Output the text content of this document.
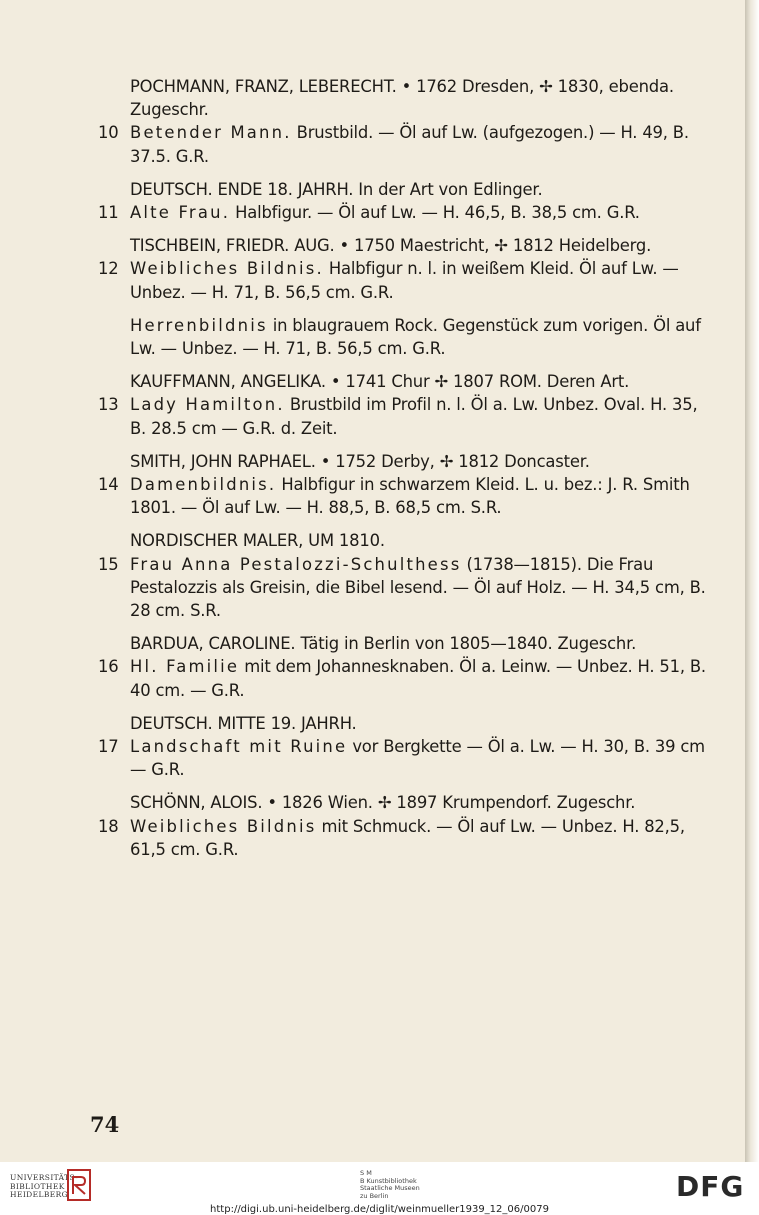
POCHMANN, FRANZ, LEBERECHT. • 1762 Dresden, ✢ 1830, ebenda. Zugeschr.
10 Betender Mann. Brustbild. — Öl auf Lw. (aufgezogen.) — H. 49, B. 37.5. G.R.
DEUTSCH. ENDE 18. JAHRH. In der Art von Edlinger.
11 Alte Frau. Halbfigur. — Öl auf Lw. — H. 46,5, B. 38,5 cm. G.R.
TISCHBEIN, FRIEDR. AUG. • 1750 Maestricht, ✢ 1812 Heidelberg.
12 Weibliches Bildnis. Halbfigur n. l. in weißem Kleid. Öl auf Lw. — Unbez. — H. 71, B. 56,5 cm. G.R.
Herrenbildnis in blaugrauem Rock. Gegenstück zum vorigen. Öl auf Lw. — Unbez. — H. 71, B. 56,5 cm. G.R.
KAUFFMANN, ANGELIKA. • 1741 Chur ✢ 1807 ROM. Deren Art.
13 Lady Hamilton. Brustbild im Profil n. l. Öl a. Lw. Unbez. Oval. H. 35, B. 28.5 cm — G.R. d. Zeit.
SMITH, JOHN RAPHAEL. • 1752 Derby, ✢ 1812 Doncaster.
14 Damenbildnis. Halbfigur in schwarzem Kleid. L. u. bez.: J. R. Smith 1801. — Öl auf Lw. — H. 88,5, B. 68,5 cm. S.R.
NORDISCHER MALER, UM 1810.
15 Frau Anna Pestalozzi-Schulthess (1738—1815). Die Frau Pestalozzis als Greisin, die Bibel lesend. — Öl auf Holz. — H. 34,5 cm, B. 28 cm. S.R.
BARDUA, CAROLINE. Tätig in Berlin von 1805—1840. Zugeschr.
16 Hl. Familie mit dem Johannesknaben. Öl a. Leinw. — Unbez. H. 51, B. 40 cm. — G.R.
DEUTSCH. MITTE 19. JAHRH.
17 Landschaft mit Ruine vor Bergkette — Öl a. Lw. — H. 30, B. 39 cm — G.R.
SCHÖNN, ALOIS. • 1826 Wien. ✢ 1897 Krumpendorf. Zugeschr.
18 Weibliches Bildnis mit Schmuck. — Öl auf Lw. — Unbez. H. 82,5, 61,5 cm. G.R.
74
UNIVERSITÄTS-
BIBLIOTHEK
HEIDELBERG
S M
B Kunstbibliothek
Staatliche Museen
zu Berlin	DFG
http://digi.ub.uni-heidelberg.de/diglit/weinmueller1939_12_06/0079
